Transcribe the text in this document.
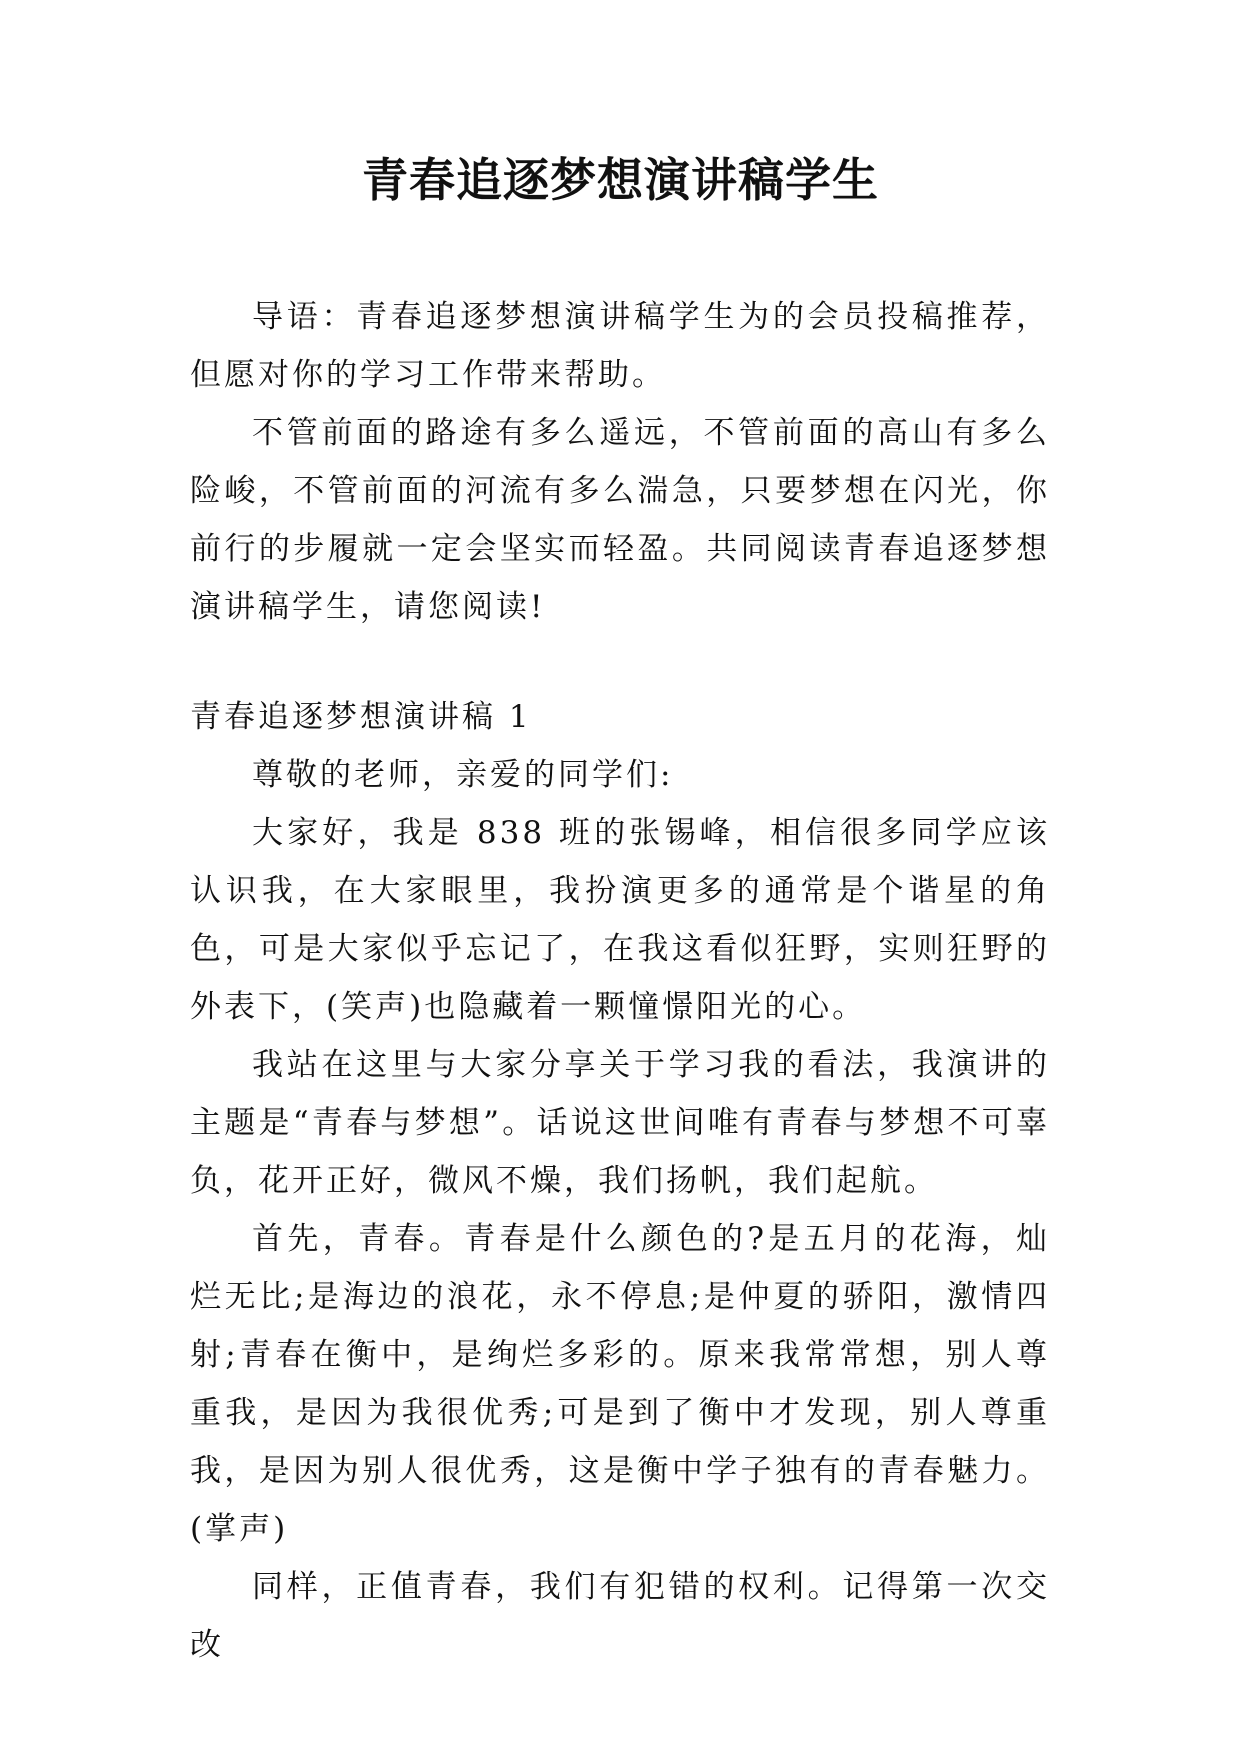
青春追逐梦想演讲稿学生

导语：青春追逐梦想演讲稿学生为的会员投稿推荐，但愿对你的学习工作带来帮助。

不管前面的路途有多么遥远，不管前面的高山有多么险峻，不管前面的河流有多么湍急，只要梦想在闪光，你前行的步履就一定会坚实而轻盈。共同阅读青春追逐梦想演讲稿学生，请您阅读!

青春追逐梦想演讲稿 1

尊敬的老师，亲爱的同学们:

大家好，我是 838 班的张锡峰，相信很多同学应该认识我，在大家眼里，我扮演更多的通常是个谐星的角色，可是大家似乎忘记了，在我这看似狂野，实则狂野的外表下，(笑声)也隐藏着一颗憧憬阳光的心。

我站在这里与大家分享关于学习我的看法，我演讲的主题是“青春与梦想”。话说这世间唯有青春与梦想不可辜负，花开正好，微风不燥，我们扬帆，我们起航。

首先，青春。青春是什么颜色的?是五月的花海，灿烂无比;是海边的浪花，永不停息;是仲夏的骄阳，激情四射;青春在衡中，是绚烂多彩的。原来我常常想，别人尊重我，是因为我很优秀;可是到了衡中才发现，别人尊重我，是因为别人很优秀，这是衡中学子独有的青春魅力。(掌声)

同样，正值青春，我们有犯错的权利。记得第一次交改
